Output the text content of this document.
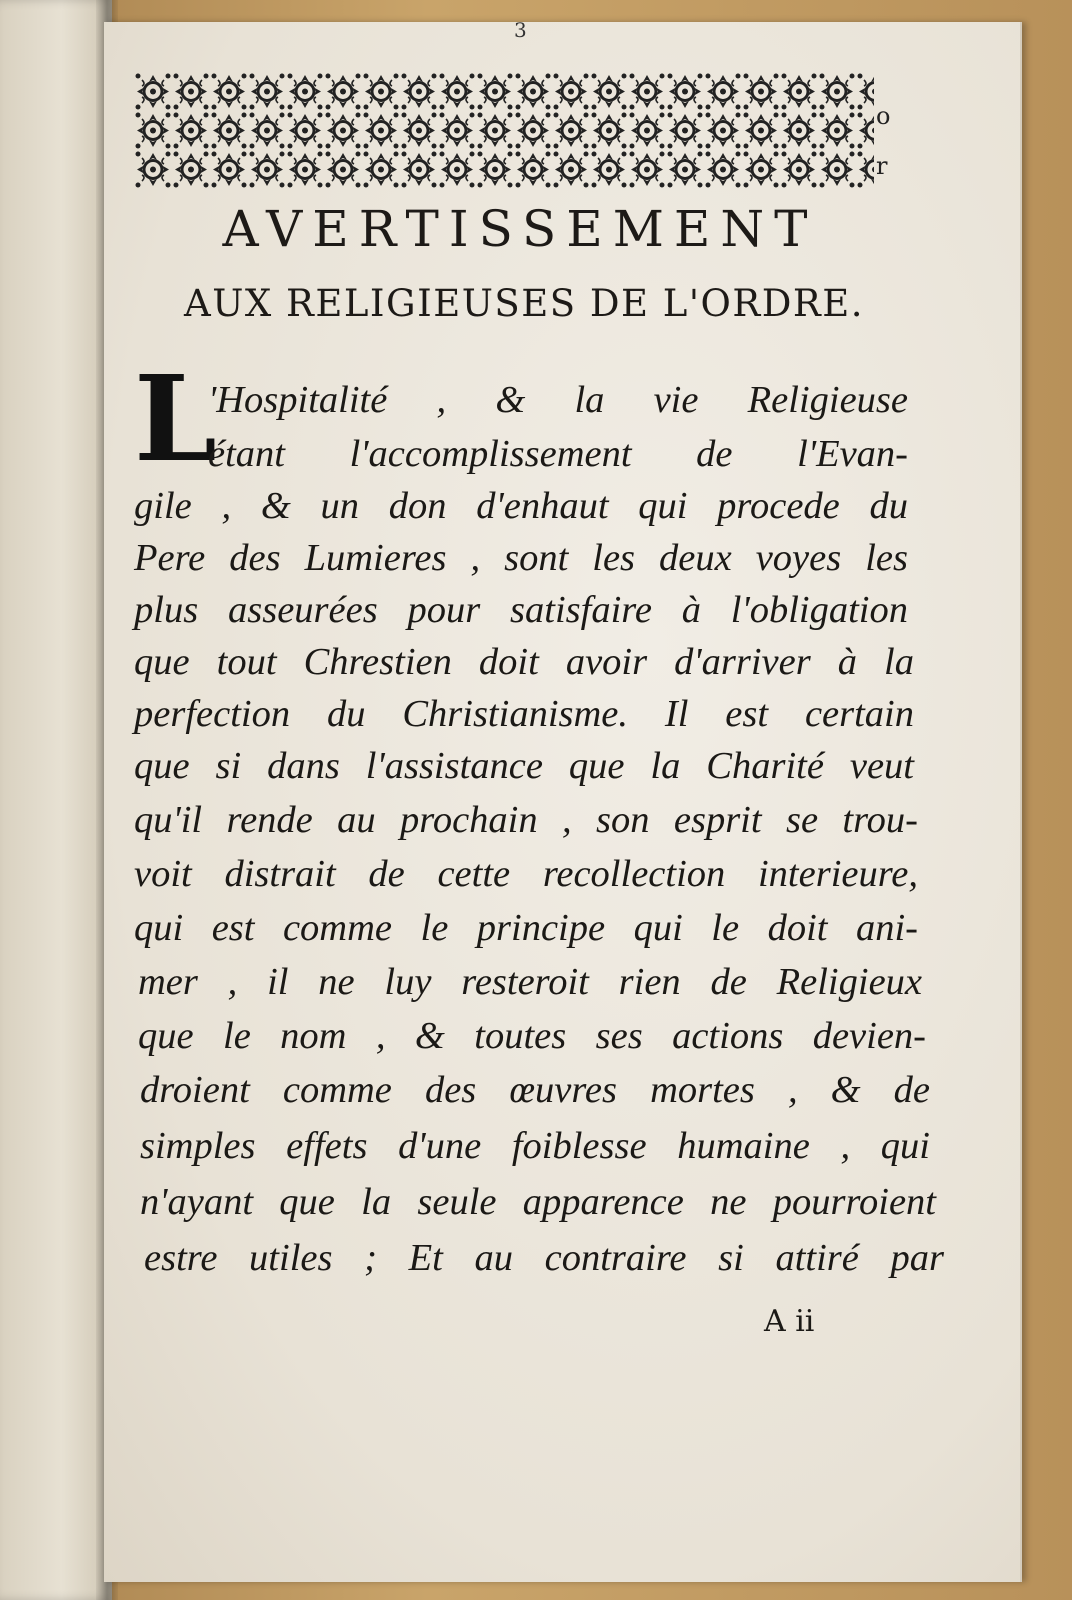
3
o
r
AVERTISSEMENT
AUX RELIGIEUSES DE L'ORDRE.
L
'Hospitalité , & la vie Religieuse
étant l'accomplissement de l'Evan-
gile , & un don d'enhaut qui procede du
Pere des Lumieres , sont les deux voyes les
plus asseurées pour satisfaire à l'obligation
que tout Chrestien doit avoir d'arriver à la
perfection du Christianisme. Il est certain
que si dans l'assistance que la Charité veut
qu'il rende au prochain , son esprit se trou-
voit distrait de cette recollection interieure,
qui est comme le principe qui le doit ani-
mer , il ne luy resteroit rien de Religieux
que le nom , & toutes ses actions devien-
droient comme des œuvres mortes , & de
simples effets d'une foiblesse humaine , qui
n'ayant que la seule apparence ne pourroient
estre utiles ; Et au contraire si attiré par
A ii
